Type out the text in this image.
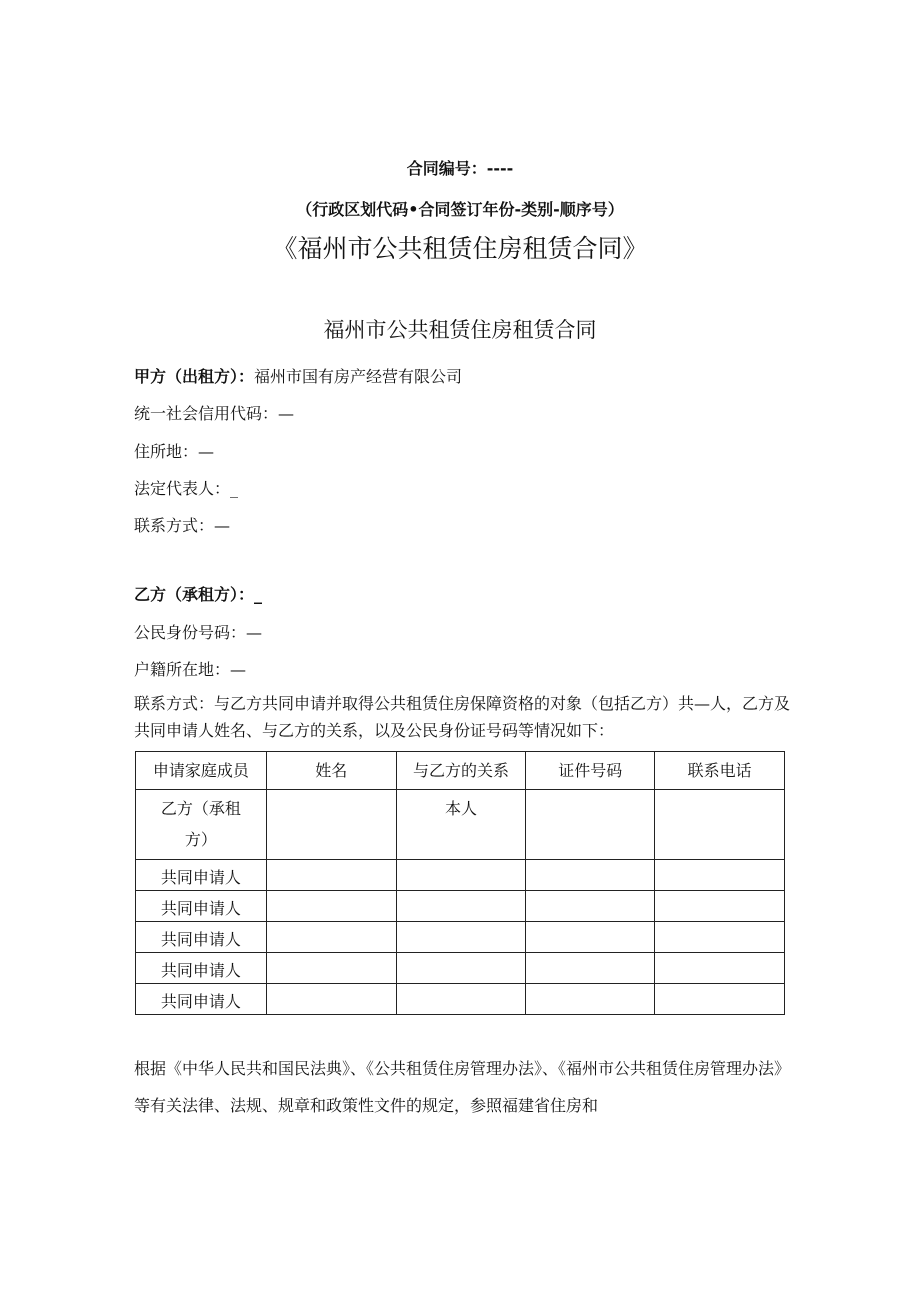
合同编号：----
（行政区划代码•合同签订年份-类别-顺序号）
《福州市公共租赁住房租赁合同》
福州市公共租赁住房租赁合同
甲方（出租方）：福州市国有房产经营有限公司
统一社会信用代码：—
住所地：—
法定代表人：_
联系方式：—
乙方（承租方）：_
公民身份号码：—
户籍所在地：—
联系方式：与乙方共同申请并取得公共租赁住房保障资格的对象（包括乙方）共—人，乙方及共同申请人姓名、与乙方的关系，以及公民身份证号码等情况如下：
申请家庭成员	姓名	与乙方的关系	证件号码	联系电话
乙方（承租方）		本人		
共同申请人				
共同申请人				
共同申请人				
共同申请人				
共同申请人				
根据《中华人民共和国民法典》、《公共租赁住房管理办法》、《福州市公共租赁住房管理办法》等有关法律、法规、规章和政策性文件的规定，参照福建省住房和
